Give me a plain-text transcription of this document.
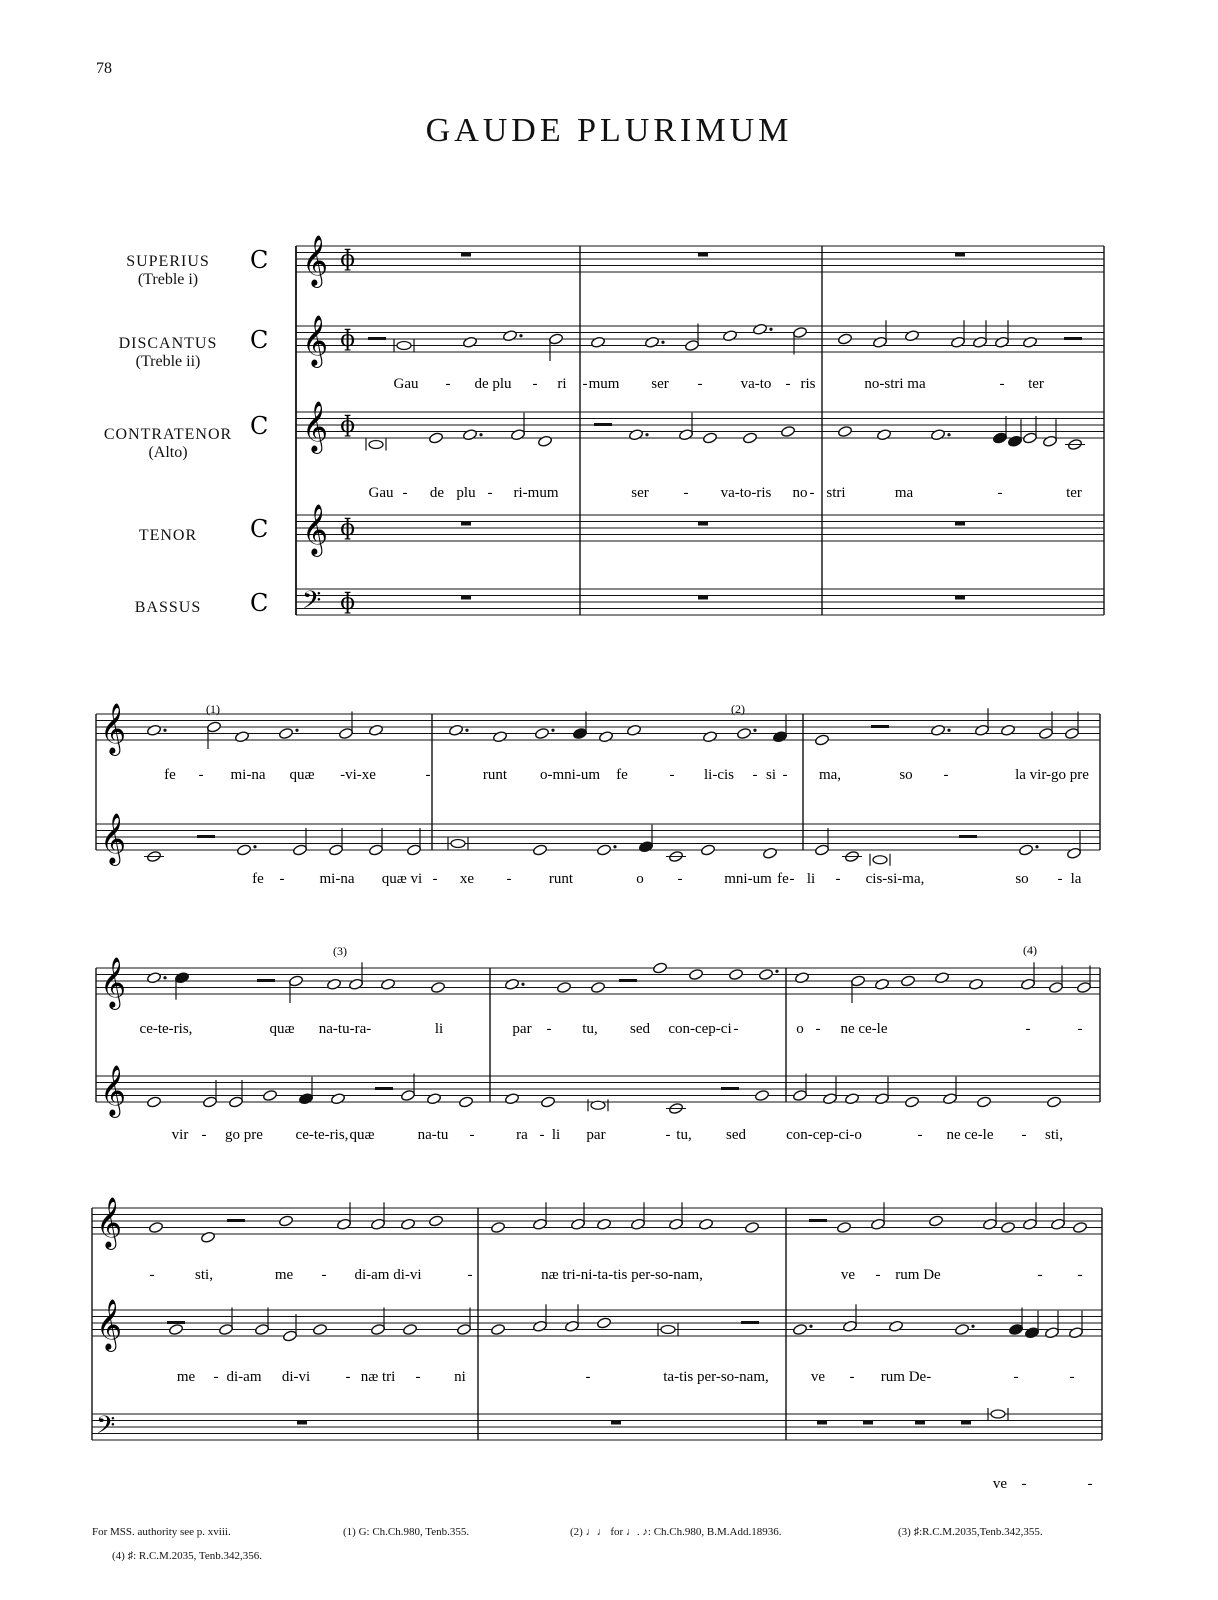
78
GAUDE PLURIMUM
SUPERIUS
(Treble i)
DISCANTUS
(Treble ii)
CONTRATENOR
(Alto)
TENOR
BASSUS
C
C
C
C
C
𝄞 ɸ
𝄞 ɸ
𝄞 ɸ
𝄞 ɸ
𝄢 ɸ
𝄞
𝄞
(1)	(2)
𝄞
𝄞
(3)	(4)
𝄞
𝄞
𝄢
Gau - de plu - ri - mum ser -	va-to - ris	no-stri ma	- ter
Gau - de plu - ri-mum	ser - va-to-ris no - stri	ma	-	ter
fe - mi-na quæ -vi-xe	-	runt o-mni-um fe	- li-cis - si - ma,	so -	la vir-go pre
fe - mi-na quæ vi - xe - runt	o -	mni-um fe - li - cis-si-ma,	so - la
ce-te-ris,	quæ na-tu-ra-	li	par - tu, sed con-cep-ci -	o - ne ce-le	-	-
vir - go pre ce-te-ris, quæ	na-tu -	ra - li par	- tu, sed	con-cep-ci-o	- ne ce-le - sti,
-	sti,	me - di-am di-vi	-	næ tri-ni-ta-tis per-so-nam,	ve - rum De	- -
me - di-am di-vi - næ tri - ni	-	ta-tis per-so-nam,	ve - rum De-	-	-
ve -	-
For MSS. authority see p. xviii.	(1) G: Ch.Ch.980, Tenb.355.	(2) ♩♩ for ♩. ♪: Ch.Ch.980, B.M.Add.18936.	(3) ♯:R.C.M.2035,Tenb.342,355.
(4) ♯: R.C.M.2035, Tenb.342,356.
